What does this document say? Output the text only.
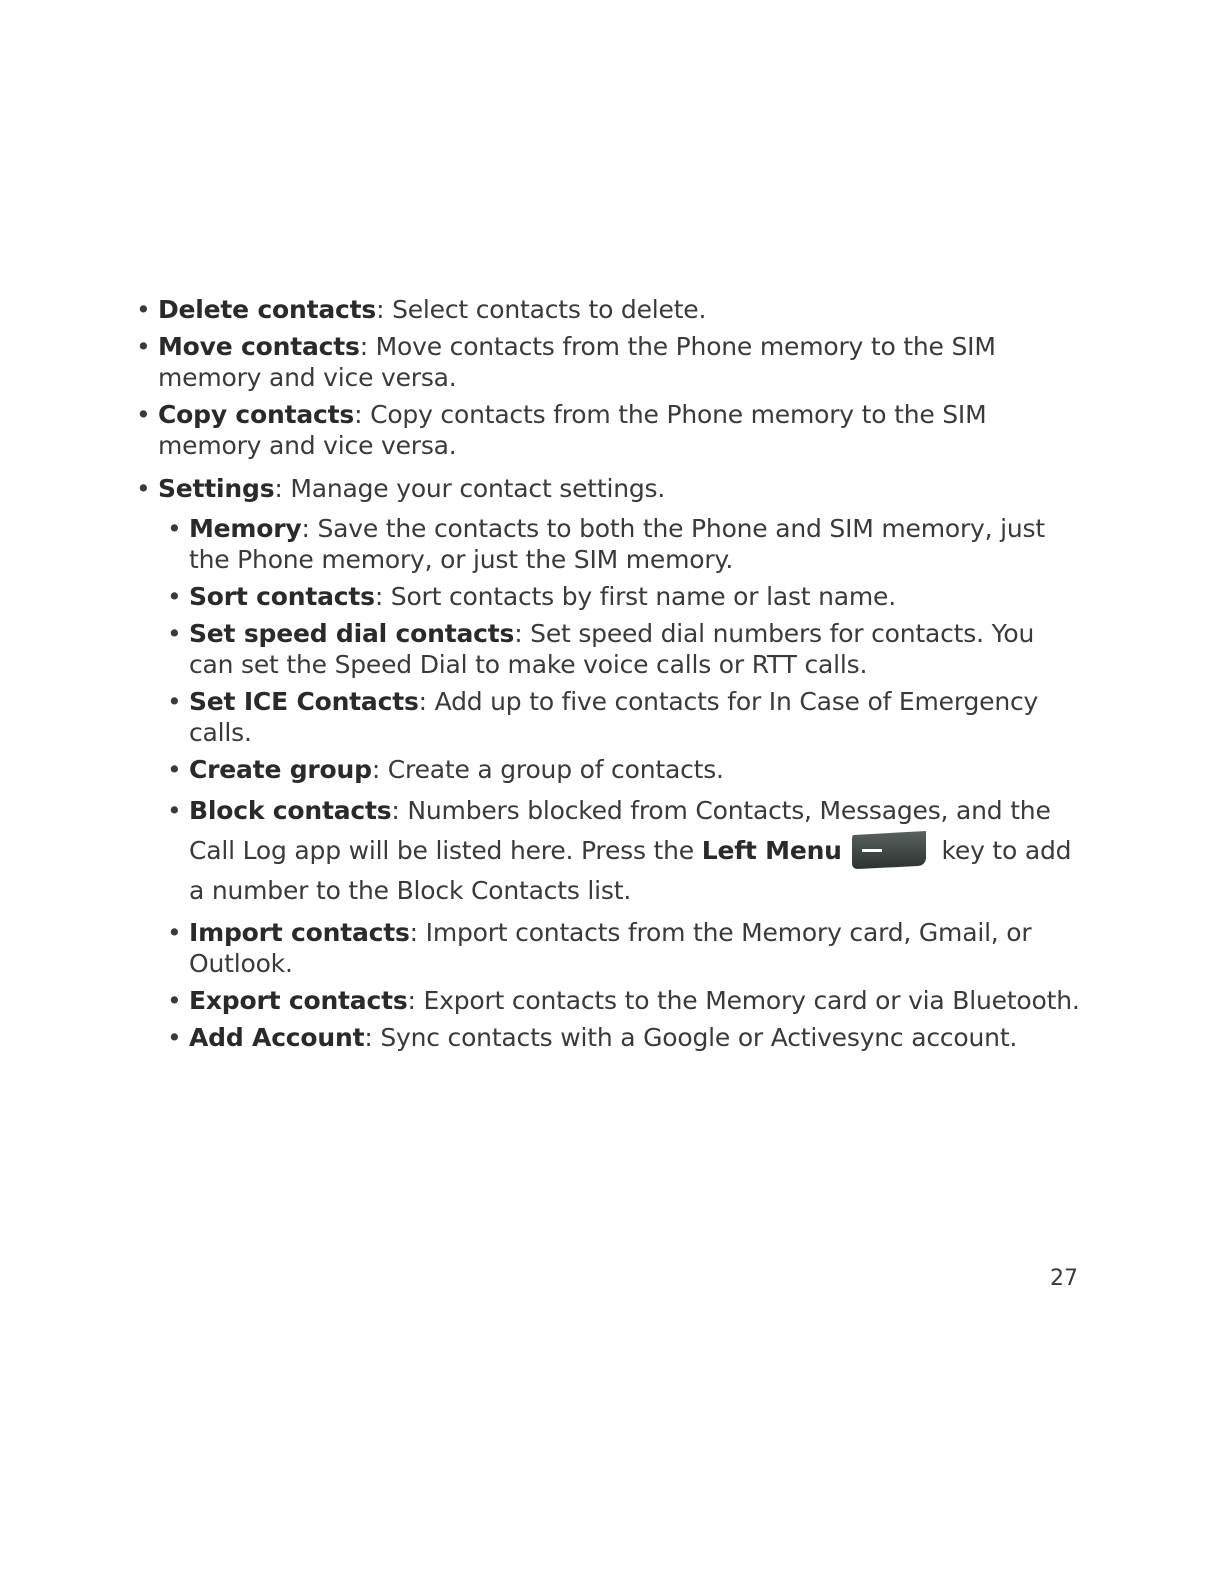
• Delete contacts: Select contacts to delete.
• Move contacts: Move contacts from the Phone memory to the SIM memory and vice versa.
• Copy contacts: Copy contacts from the Phone memory to the SIM memory and vice versa.
• Settings: Manage your contact settings.
• Memory: Save the contacts to both the Phone and SIM memory, just the Phone memory, or just the SIM memory.
• Sort contacts: Sort contacts by first name or last name.
• Set speed dial contacts: Set speed dial numbers for contacts. You can set the Speed Dial to make voice calls or RTT calls.
• Set ICE Contacts: Add up to five contacts for In Case of Emergency calls.
• Create group: Create a group of contacts.
• Block contacts: Numbers blocked from Contacts, Messages, and the Call Log app will be listed here. Press the Left Menu	key to add a number to the Block Contacts list.
• Import contacts: Import contacts from the Memory card, Gmail, or Outlook.
• Export contacts: Export contacts to the Memory card or via Bluetooth.
• Add Account: Sync contacts with a Google or Activesync account.
27
